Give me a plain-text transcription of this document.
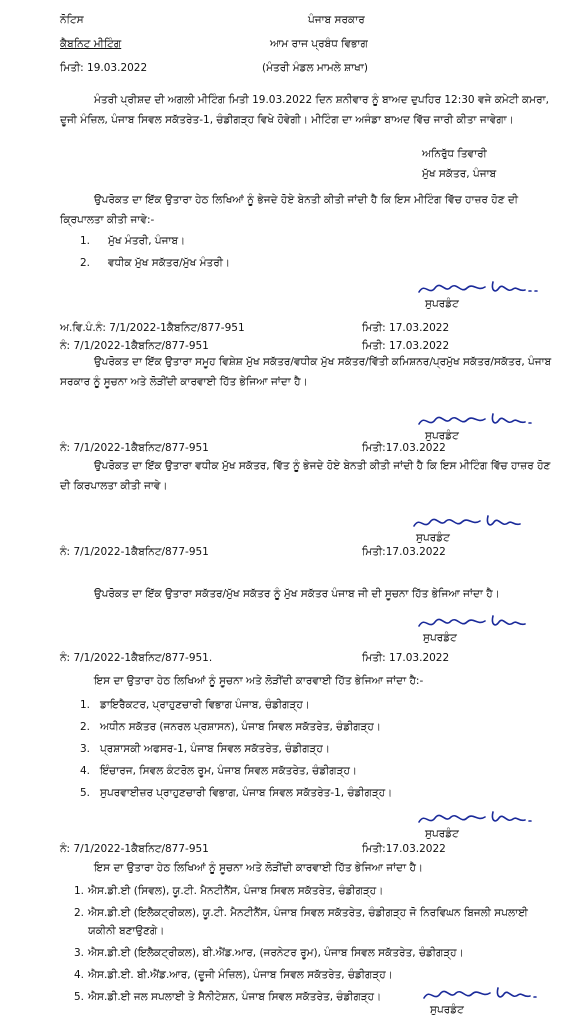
ਨੋਟਿਸ	ਪੰਜਾਬ ਸਰਕਾਰ
ਕੈਬਨਿਟ ਮੀਟਿੰਗ	ਆਮ ਰਾਜ ਪ੍ਰਬੰਧ ਵਿਭਾਗ
ਮਿਤੀ: 19.03.2022	(ਮੰਤਰੀ ਮੰਡਲ ਮਾਮਲੇ ਸ਼ਾਖਾ)
ਮੰਤਰੀ ਪ੍ਰੀਸ਼ਦ ਦੀ ਅਗਲੀ ਮੀਟਿੰਗ ਮਿਤੀ 19.03.2022 ਦਿਨ ਸ਼ਨੀਵਾਰ ਨੂੰ ਬਾਅਦ ਦੁਪਹਿਰ 12:30 ਵਜੇ ਕਮੇਟੀ ਕਮਰਾ, ਦੂਜੀ ਮੰਜ਼ਿਲ, ਪੰਜਾਬ ਸਿਵਲ ਸਕੱਤਰੇਤ-1, ਚੰਡੀਗੜ੍ਹ ਵਿਖੇ ਹੋਵੇਗੀ। ਮੀਟਿੰਗ ਦਾ ਅਜੰਡਾ ਬਾਅਦ ਵਿੱਚ ਜਾਰੀ ਕੀਤਾ ਜਾਵੇਗਾ।
ਅਨਿਰੁੱਧ ਤਿਵਾਰੀ
ਮੁੱਖ ਸਕੱਤਰ, ਪੰਜਾਬ
ਉਪਰੋਕਤ ਦਾ ਇੱਕ ਉਤਾਰਾ ਹੇਠ ਲਿਖਿਆਂ ਨੂੰ ਭੇਜਦੇ ਹੋਏ ਬੇਨਤੀ ਕੀਤੀ ਜਾਂਦੀ ਹੈ ਕਿ ਇਸ ਮੀਟਿੰਗ ਵਿੱਚ ਹਾਜ਼ਰ ਹੋਣ ਦੀ ਕ੍ਰਿਪਾਲਤਾ ਕੀਤੀ ਜਾਵੇ:-
1. ਮੁੱਖ ਮੰਤਰੀ, ਪੰਜਾਬ।
2. ਵਧੀਕ ਮੁੱਖ ਸਕੱਤਰ/ਮੁੱਖ ਮੰਤਰੀ।
ਸੁਪਰਡੰਟ
ਅ.ਵਿ.ਪੰ.ਨੰ: 7/1/2022-1ਕੈਬਨਿਟ/877-951	ਮਿਤੀ: 17.03.2022
ਨੰ: 7/1/2022-1ਕੈਬਨਿਟ/877-951	ਮਿਤੀ: 17.03.2022
ਉਪਰੋਕਤ ਦਾ ਇੱਕ ਉਤਾਰਾ ਸਮੂਹ ਵਿਸ਼ੇਸ਼ ਮੁੱਖ ਸਕੱਤਰ/ਵਧੀਕ ਮੁੱਖ ਸਕੱਤਰ/ਵਿੱਤੀ ਕਮਿਸ਼ਨਰ/ਪ੍ਰਮੁੱਖ ਸਕੱਤਰ/ਸਕੱਤਰ, ਪੰਜਾਬ ਸਰਕਾਰ ਨੂੰ ਸੂਚਨਾ ਅਤੇ ਲੋੜੀਂਦੀ ਕਾਰਵਾਈ ਹਿੱਤ ਭੇਜਿਆ ਜਾਂਦਾ ਹੈ।
ਸੁਪਰਡੰਟ
ਨੰ: 7/1/2022-1ਕੈਬਨਿਟ/877-951	ਮਿਤੀ:17.03.2022
ਉਪਰੋਕਤ ਦਾ ਇੱਕ ਉਤਾਰਾ ਵਧੀਕ ਮੁੱਖ ਸਕੱਤਰ, ਵਿੱਤ ਨੂੰ ਭੇਜਦੇ ਹੋਏ ਬੇਨਤੀ ਕੀਤੀ ਜਾਂਦੀ ਹੈ ਕਿ ਇਸ ਮੀਟਿੰਗ ਵਿੱਚ ਹਾਜ਼ਰ ਹੋਣ ਦੀ ਕਿਰਪਾਲਤਾ ਕੀਤੀ ਜਾਵੇ।
ਸੁਪਰਡੰਟ
ਨੰ: 7/1/2022-1ਕੈਬਨਿਟ/877-951	ਮਿਤੀ:17.03.2022
ਉਪਰੋਕਤ ਦਾ ਇੱਕ ਉਤਾਰਾ ਸਕੱਤਰ/ਮੁੱਖ ਸਕੱਤਰ ਨੂੰ ਮੁੱਖ ਸਕੱਤਰ ਪੰਜਾਬ ਜੀ ਦੀ ਸੂਚਨਾ ਹਿੱਤ ਭੇਜਿਆ ਜਾਂਦਾ ਹੈ।
ਸੁਪਰਡੰਟ
ਨੰ: 7/1/2022-1ਕੈਬਨਿਟ/877-951.	ਮਿਤੀ: 17.03.2022
ਇਸ ਦਾ ਉਤਾਰਾ ਹੇਠ ਲਿਖਿਆਂ ਨੂੰ ਸੂਚਨਾ ਅਤੇ ਲੋੜੀਂਦੀ ਕਾਰਵਾਈ ਹਿੱਤ ਭੇਜਿਆ ਜਾਂਦਾ ਹੈ:-
1. ਡਾਇਰੈਕਟਰ, ਪ੍ਰਾਹੁਣਚਾਰੀ ਵਿਭਾਗ ਪੰਜਾਬ, ਚੰਡੀਗੜ੍ਹ।
2. ਅਧੀਨ ਸਕੱਤਰ (ਜਨਰਲ ਪ੍ਰਸ਼ਾਸਨ), ਪੰਜਾਬ ਸਿਵਲ ਸਕੱਤਰੇਤ, ਚੰਡੀਗੜ੍ਹ।
3. ਪ੍ਰਸ਼ਾਸਕੀ ਅਫਸਰ-1, ਪੰਜਾਬ ਸਿਵਲ ਸਕੱਤਰੇਤ, ਚੰਡੀਗੜ੍ਹ।
4. ਇੰਚਾਰਜ, ਸਿਵਲ ਕੰਟਰੋਲ ਰੂਮ, ਪੰਜਾਬ ਸਿਵਲ ਸਕੱਤਰੇਤ, ਚੰਡੀਗੜ੍ਹ।
5. ਸੁਪਰਵਾਈਜ਼ਰ ਪ੍ਰਾਹੁਣਚਾਰੀ ਵਿਭਾਗ, ਪੰਜਾਬ ਸਿਵਲ ਸਕੱਤਰੇਤ-1, ਚੰਡੀਗੜ੍ਹ।
ਸੁਪਰਡੰਟ
ਨੰ: 7/1/2022-1ਕੈਬਨਿਟ/877-951	ਮਿਤੀ:17.03.2022
ਇਸ ਦਾ ਉਤਾਰਾ ਹੇਠ ਲਿਖਿਆਂ ਨੂੰ ਸੂਚਨਾ ਅਤੇ ਲੋੜੀਂਦੀ ਕਾਰਵਾਈ ਹਿੱਤ ਭੇਜਿਆ ਜਾਂਦਾ ਹੈ।
1. ਐਸ.ਡੀ.ਈ (ਸਿਵਲ), ਯੂ.ਟੀ. ਮੈਨਟੀਨੈਂਸ, ਪੰਜਾਬ ਸਿਵਲ ਸਕੱਤਰੇਤ, ਚੰਡੀਗੜ੍ਹ।
2. ਐਸ.ਡੀ.ਈ (ਇਲੈਕਟ੍ਰੀਕਲ), ਯੂ.ਟੀ. ਮੈਨਟੀਨੈਂਸ, ਪੰਜਾਬ ਸਿਵਲ ਸਕੱਤਰੇਤ, ਚੰਡੀਗੜ੍ਹ ਜੋ ਨਿਰਵਿਘਨ ਬਿਜਲੀ ਸਪਲਾਈ
ਯਕੀਨੀ ਬਣਾਉਣਗੇ।
3. ਐਸ.ਡੀ.ਈ (ਇਲੈਕਟ੍ਰੀਕਲ), ਬੀ.ਐਂਡ.ਆਰ, (ਜਰਨੇਟਰ ਰੂਮ), ਪੰਜਾਬ ਸਿਵਲ ਸਕੱਤਰੇਤ, ਚੰਡੀਗੜ੍ਹ।
4. ਐਸ.ਡੀ.ਈ. ਬੀ.ਐਂਡ.ਆਰ, (ਦੂਜੀ ਮੰਜ਼ਿਲ), ਪੰਜਾਬ ਸਿਵਲ ਸਕੱਤਰੇਤ, ਚੰਡੀਗੜ੍ਹ।
5. ਐਸ.ਡੀ.ਈ ਜਲ ਸਪਲਾਈ ਤੇ ਸੈਨੀਟੇਸ਼ਨ, ਪੰਜਾਬ ਸਿਵਲ ਸਕੱਤਰੇਤ, ਚੰਡੀਗੜ੍ਹ।
ਸੁਪਰਡੰਟ
